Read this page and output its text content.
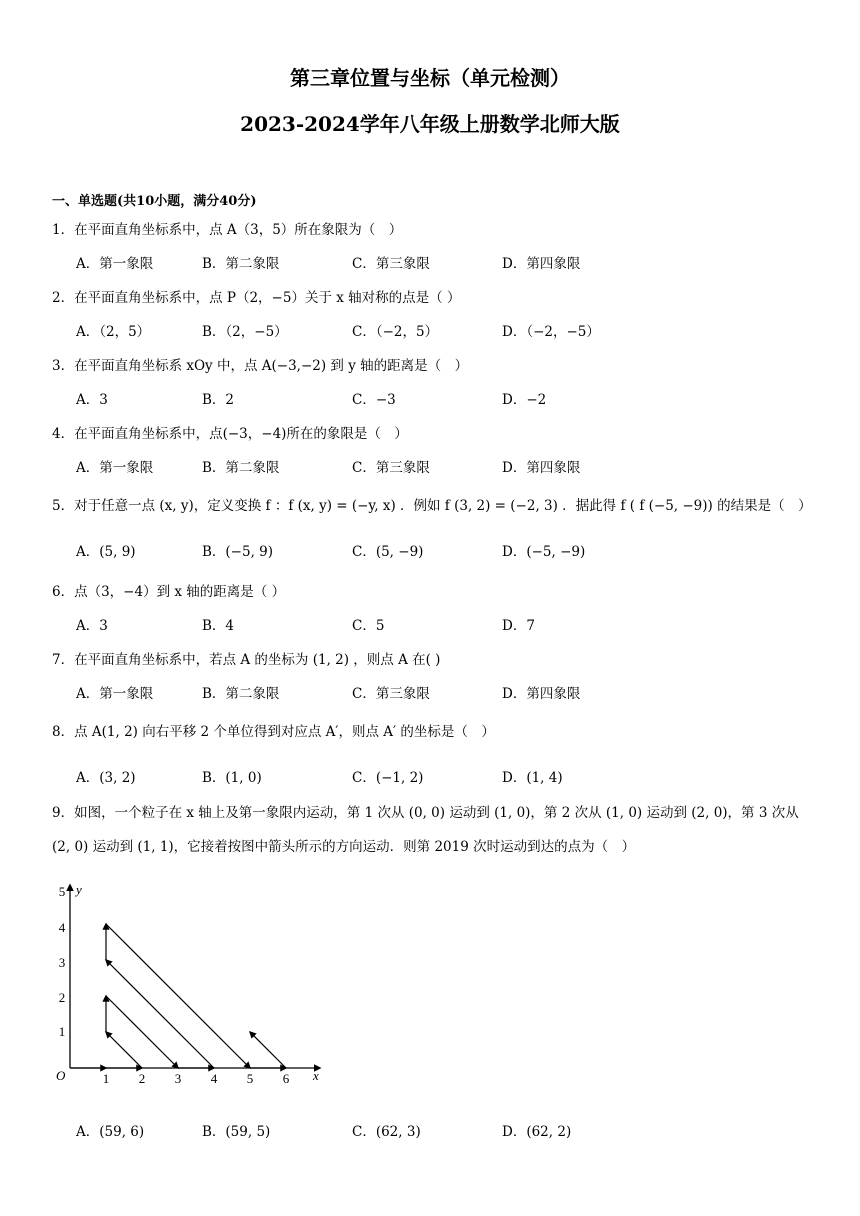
第三章位置与坐标（单元检测）
2023-2024学年八年级上册数学北师大版
一、单选题(共10小题，满分40分)
1．在平面直角坐标系中，点 A（3，5）所在象限为（　）
A．第一象限	B．第二象限	C．第三象限	D．第四象限
2．在平面直角坐标系中，点 P（2，−5）关于 x 轴对称的点是（ ）
A．（2，5）	B．（2，−5）	C．（−2，5）	D．（−2，−5）
3．在平面直角坐标系 xOy 中，点 A(−3,−2) 到 y 轴的距离是（　）
A．3	B．2	C．−3	D．−2
4．在平面直角坐标系中，点(−3，−4)所在的象限是（　）
A．第一象限	B．第二象限	C．第三象限	D．第四象限
5．对于任意一点 (x, y)，定义变换 f ：f (x, y) = (−y, x) ．例如 f (3, 2) = (−2, 3) ．据此得 f ( f (−5, −9)) 的结果是（　）
A．(5, 9)	B．(−5, 9)	C．(5, −9)	D．(−5, −9)
6．点（3，−4）到 x 轴的距离是（ ）
A．3	B．4	C．5	D．7
7．在平面直角坐标系中，若点 A 的坐标为 (1, 2) ，则点 A 在( )
A．第一象限	B．第二象限	C．第三象限	D．第四象限
8．点 A(1, 2) 向右平移 2 个单位得到对应点 A′，则点 A′ 的坐标是（　）
A．(3, 2)	B．(1, 0)	C．(−1, 2)	D．(1, 4)
9．如图，一个粒子在 x 轴上及第一象限内运动，第 1 次从 (0, 0) 运动到 (1, 0)，第 2 次从 (1, 0) 运动到 (2, 0)，第 3 次从 (2, 0) 运动到 (1, 1)，它接着按图中箭头所示的方向运动．则第 2019 次时运动到达的点为（　）
O
y
x
1 2 3 4 5 6
1
2
3
4
5
A．(59, 6)	B．(59, 5)	C．(62, 3)	D．(62, 2)
